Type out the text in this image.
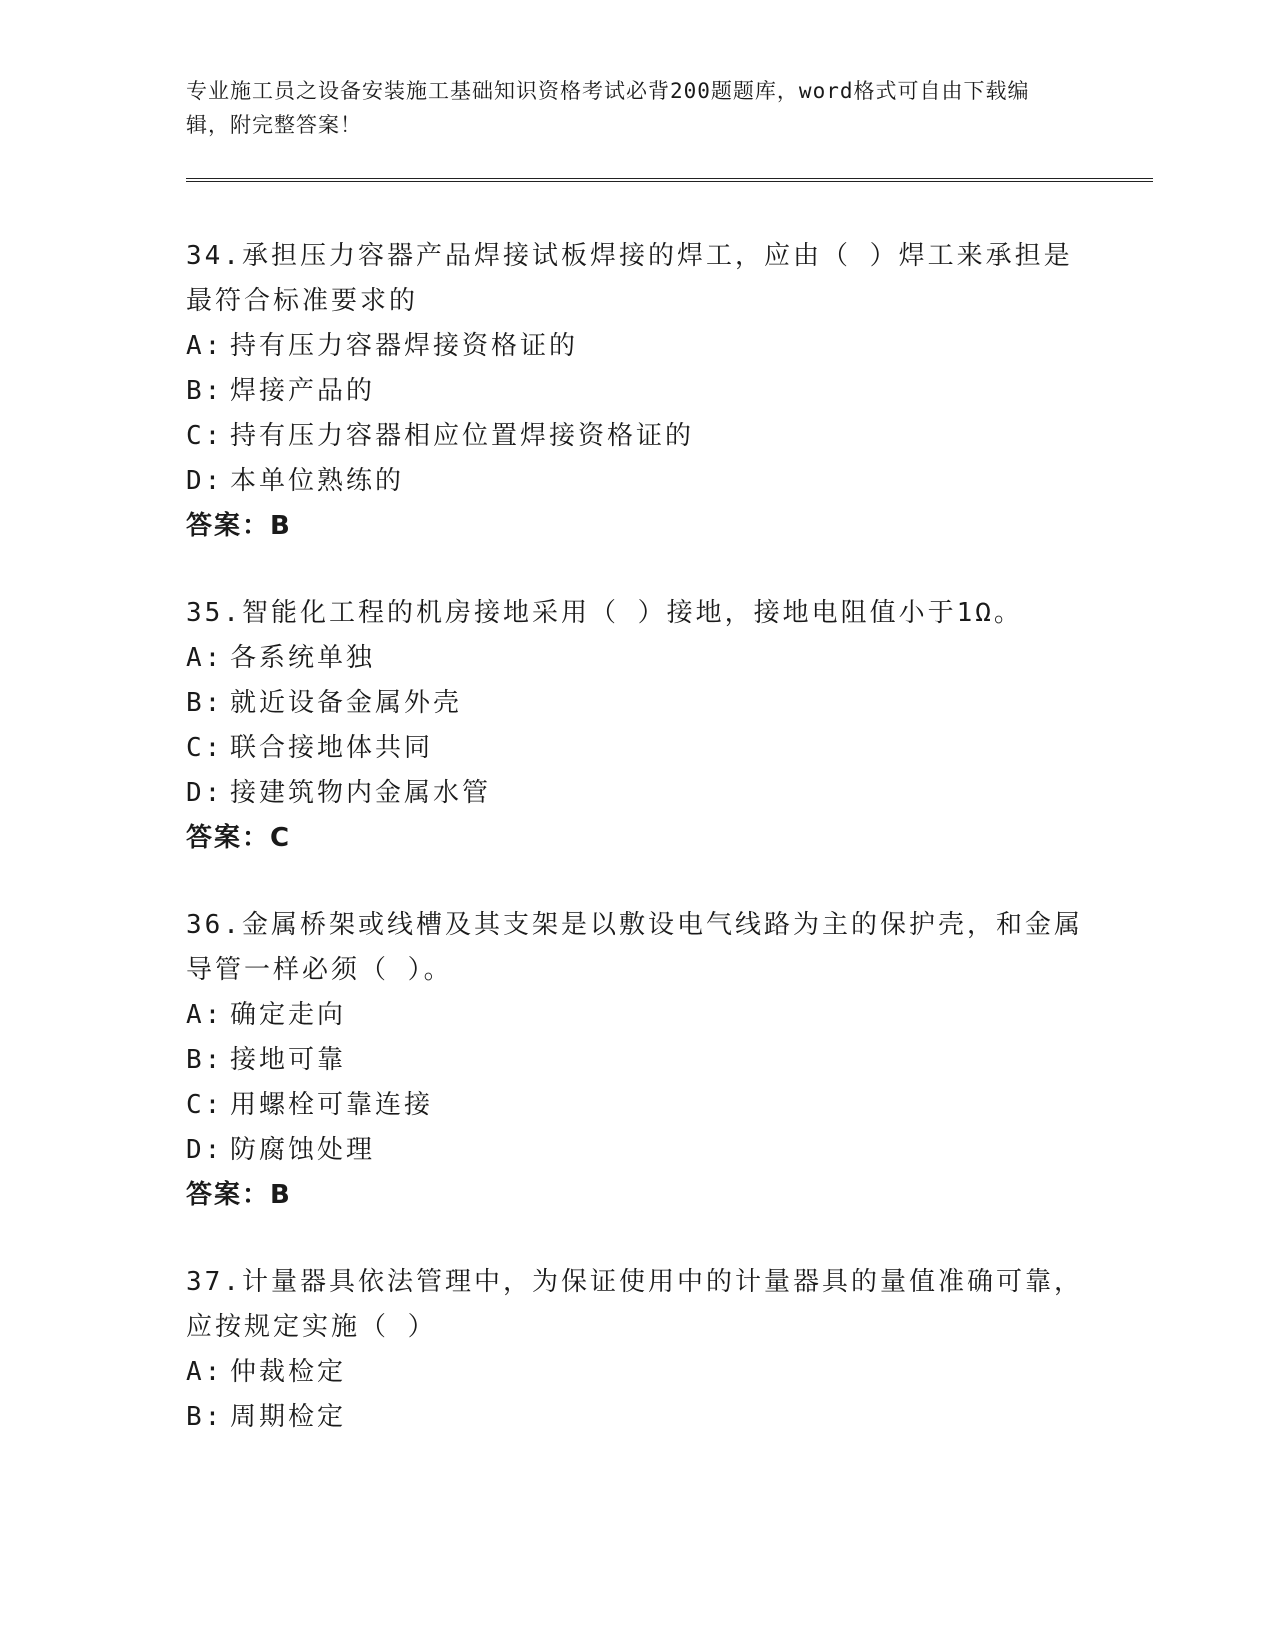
专业施工员之设备安装施工基础知识资格考试必背200题题库，word格式可自由下载编辑，附完整答案！

34.承担压力容器产品焊接试板焊接的焊工，应由（ ）焊工来承担是最符合标准要求的

A: 持有压力容器焊接资格证的

B: 焊接产品的

C: 持有压力容器相应位置焊接资格证的

D: 本单位熟练的

答案：B

35.智能化工程的机房接地采用（ ）接地，接地电阻值小于1Ω。

A: 各系统单独

B: 就近设备金属外壳

C: 联合接地体共同

D: 接建筑物内金属水管

答案：C

36.金属桥架或线槽及其支架是以敷设电气线路为主的保护壳，和金属导管一样必须（ ）。

A: 确定走向

B: 接地可靠

C: 用螺栓可靠连接

D: 防腐蚀处理

答案：B

37.计量器具依法管理中，为保证使用中的计量器具的量值准确可靠，应按规定实施（ ）

A: 仲裁检定

B: 周期检定
